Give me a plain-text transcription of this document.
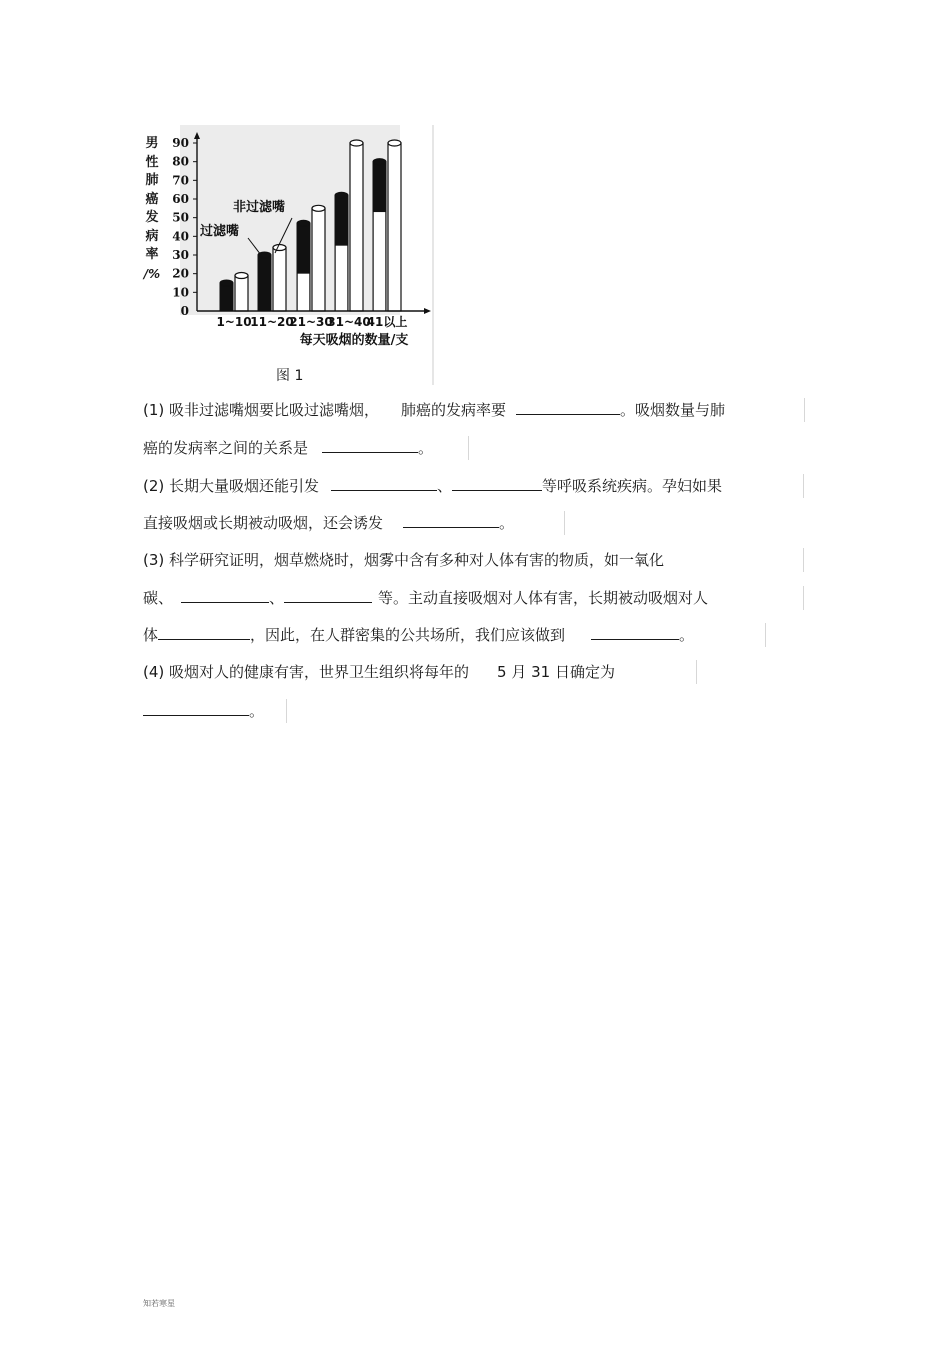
0
10
20
30
40
50
60
70
80
90
1~10
11~20
21~30
31~40
41以上
每天吸烟的数量/支
非过滤嘴
过滤嘴
男
性
肺
癌
发
病
率
/%
图 1
(1) 吸非过滤嘴烟要比吸过滤嘴烟， 肺癌的发病率要	。吸烟数量与肺
癌的发病率之间的关系是	。
(2) 长期大量吸烟还能引发	、	等呼吸系统疾病。孕妇如果
直接吸烟或长期被动吸烟，还会诱发	。
(3) 科学研究证明，烟草燃烧时，烟雾中含有多种对人体有害的物质，如一氧化
碳、	、	等。主动直接吸烟对人体有害，长期被动吸烟对人
体	，因此，在人群密集的公共场所，我们应该做到	。
(4) 吸烟对人的健康有害，世界卫生组织将每年的 5 月 31 日确定为
。
知若寒星
